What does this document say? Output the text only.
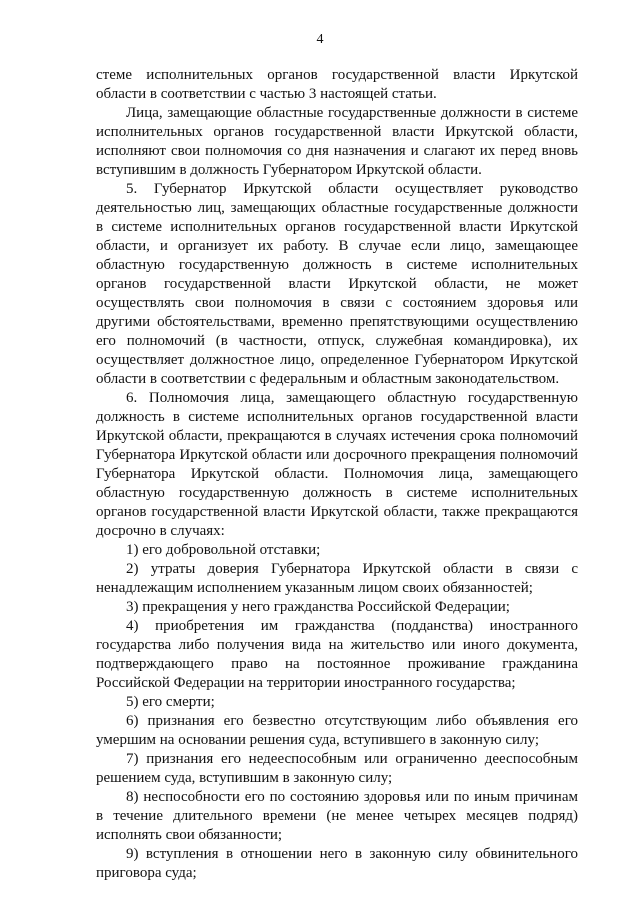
4

стеме исполнительных органов государственной власти Иркутской области в соответствии с частью 3 настоящей статьи.

Лица, замещающие областные государственные должности в системе исполнительных органов государственной власти Иркутской области, исполняют свои полномочия со дня назначения и слагают их перед вновь вступившим в должность Губернатором Иркутской области.

5. Губернатор Иркутской области осуществляет руководство деятельностью лиц, замещающих областные государственные должности в системе исполнительных органов государственной власти Иркутской области, и организует их работу. В случае если лицо, замещающее областную государственную должность в системе исполнительных органов государственной власти Иркутской области, не может осуществлять свои полномочия в связи с состоянием здоровья или другими обстоятельствами, временно препятствующими осуществлению его полномочий (в частности, отпуск, служебная командировка), их осуществляет должностное лицо, определенное Губернатором Иркутской области в соответствии с федеральным и областным законодательством.

6. Полномочия лица, замещающего областную государственную должность в системе исполнительных органов государственной власти Иркутской области, прекращаются в случаях истечения срока полномочий Губернатора Иркутской области или досрочного прекращения полномочий Губернатора Иркутской области. Полномочия лица, замещающего областную государственную должность в системе исполнительных органов государственной власти Иркутской области, также прекращаются досрочно в случаях:

1) его добровольной отставки;
2) утраты доверия Губернатора Иркутской области в связи с ненадлежащим исполнением указанным лицом своих обязанностей;
3) прекращения у него гражданства Российской Федерации;
4) приобретения им гражданства (подданства) иностранного государства либо получения вида на жительство или иного документа, подтверждающего право на постоянное проживание гражданина Российской Федерации на территории иностранного государства;
5) его смерти;
6) признания его безвестно отсутствующим либо объявления его умершим на основании решения суда, вступившего в законную силу;
7) признания его недееспособным или ограниченно дееспособным решением суда, вступившим в законную силу;
8) неспособности его по состоянию здоровья или по иным причинам в течение длительного времени (не менее четырех месяцев подряд) исполнять свои обязанности;
9) вступления в отношении него в законную силу обвинительного приговора суда;
